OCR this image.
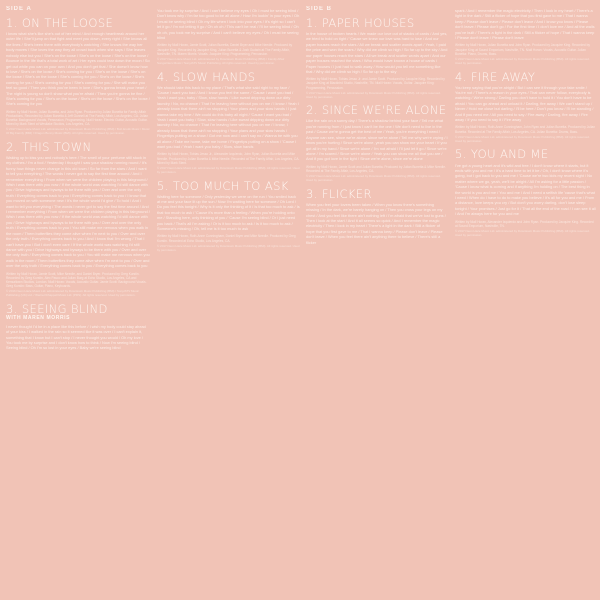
SIDE A
1. ON THE LOOSE
I know what she's like she's out of her mind / And enough heartbreak around her outer life / She'll jump on that fight and meet you down, every right / She knows all the lines / She's been there with everybody's watching / She knows the way her body moves / She loves the way they all crowd back when she says / She leaves nobody else but you / She's on the loose / She's on the loose / She's on the loose / Bounce in the life that's a total work of art / Her eyes could tear down the moon / So get out while you can on your own / And you don't get that / She doesn't know how to love / She's on the loose / She's coming for you / She's on the loose / She's on the loose / She's on the loose / She's coming for you / She's on the loose / She's coming for you / She's coming for you / She's coming for you / She will make you feel so good / Then you think you've been in love / She's gonna break your heart / The night is young so don't show what you're afraid / Then you're gonna be fine / She's coming for you / She's on the loose / She's on the loose / She's on the loose / She's coming for you
Written by Niall Horan, Julian Bunetta, and John Ryan. Produced by Julian Bunetta for Family Affair Productions, Recorded by Julian Bunetta & Jeff Gunnell at The Family Affair, Los Angeles, CA. Julian Bunetta: Background Vocals, Percussion, Programming. Niall Horan: Electric Guitar, Acoustic Guitar. Mixed by Mark Stent at Westlake Studios, Los Angeles, CA.
© 2017 Neon Haze Music Ltd. administered by Downtown Music Publishing (BMI) / Bob Erotik Music / Music Of Big Family (BMI) / Dragon Bunny Music (BMI). All rights reserved. Used by permission.
2. THIS TOWN
Waking up to kiss you and nobody's here / The smell of your perfume still stuck in my clothes / I'm a fool / Yesterday I thought I saw your shadow running round / It's funny how things never change in this old town / So far from the stars / And I want to tell you everything / The words I never got to say the first time around / And I remember everything / From when we were the children playing in this fairground / Wish I was there with you now / If the whole world was watching I'd still dance with you / Drive highways and byways to be there with you / Over and over the only truth / Everything comes back to you / Everything comes back to you / I know that you moved on with someone new / It's the whole world I'd give / To hold / And I want to tell you everything / The words I never got to say the first time around / And I remember everything / From when we were the children playing in this fairground / Wish I was there with you now / If the whole world was watching I'd still dance with you / Drive highways and byways to be there with you / Over and over the only truth / Everything comes back to you / You still make me nervous when you walk in the room / Them butterflies they come alive when I'm next to you / Over and over the only truth / Everything comes back to you / And I know that I'm wrong / That I can't have you / But I don't even care / If the whole world was watching I'd still dance with you / Drive highways and byways to be there with you / Over and over the only truth / Everything comes back to you / You still make me nervous when you walk in the room / Them butterflies they come alive when I'm next to you / Over and over the only truth / Everything comes back to you / Everything comes back to you
Written by Niall Horan, Jamie Scott, Mike Needle, and Daniel Bryer. Produced by Greg Kurstin. Recorded by Greg Kurstin, Alex Pasco and Julian Burg at Echo Studio, Los Angeles, CA and Kensaltown Studios, London. Niall Horan: Vocals, Acoustic Guitar. Jamie Scott: Background Vocals. Greg Kurstin: Bass, Guitar, Piano, Keyboards.
© 2016 Neon Haze Music Ltd. administered by Downtown Music Publishing (BMI) / Sony/ATV Music Publishing (UK) Ltd. / Warner/Chappell Music Ltd. (PRS). All rights reserved. Used by permission.
3. SEEING BLIND
WITH MAREN MORRIS
I never thought I'd be in a place like this before / I wish my body could stay ahead of your kiss / I walked in the rain so it seemed like it was over / I can't explain it, something that I know but I can't stop / I never thought you would / Oh my love / You took me by surprise and I don't know how to think / Now I'm seeing blind / Seeing blind / Oh I'm so lost in your eyes / Baby we're seeing blind
You took me by surprise / And I can't believe my eyes / Oh I must be seeing blind / Don't know why / I'm far too good to be all alone / How I'm lookin' in your eyes / Oh I must be seeing blind / Oh my life when I look into your eyes / It's right so I can't let it go / I'm not letting it go / Oh oh oh / This can't be real / I'll be seeing blind / Oh oh oh, you took me by surprise / And I can't believe my eyes / Oh I must be seeing blind
Written by Niall Horan, Jamie Scott, Julian Bunetta, Daniel Bryer and Mike Needle. Produced by Jacquire King. Recorded by Jacquire King, Julian Bunetta & Josh Gudwin at The Family Affair, Nashville, TN. Maren Morris: Vocals. Jacquire King: Programming, Percussion.
© 2017 Neon Haze Music Ltd. administered by Downtown Music Publishing (BMI) / Family Affair Songwriters Music / Sony/ATV Music Publishing. All rights reserved. Used by permission.
4. SLOW HANDS
We should take this back to my place / That's what she said right to my face / 'Cause I want you bad / And I know you feel the same / 'Cause I want you bad / Yeah I want you, baby / Slow, slow hands / Like sweat dripping down our dirty laundry / No, no chance / That I'm leaving here without you on me / I know / Yeah I already know that there ain't no stopping / Your plans and your slow hands / I just wanna take my time / We could do this baby all night / 'Cause I want you bad / Yeah I want you baby / Slow, slow hands / Like sweat dripping down our dirty laundry / No, no chance / That I'm leaving here without you on me / I know, I already know that there ain't no stopping / Your plans and your slow hands / Fingertips putting on a show / Got me now and I can't say no / Wanna be with you all alone / Take me home, take me home / Fingertips putting on a show / 'Cause I want you bad / Yeah I want you baby / Slow, slow hands
Written by Niall Horan, Tobias Jesso Jr., Alexander Izquierdo, John Ryan, Julian Bunetta and Mike Needle. Produced by Julian Bunetta & Mike Needle. Recorded at The Family Affair, Los Angeles, CA. Mixed by Mark Stent.
© 2017 Neon Haze Music Ltd. administered by Downtown Music Publishing (BMI). All rights reserved. Used by permission.
5. TOO MUCH TO ASK
Waiting here for someone / Only yesterday we were on the run / You smiled back at me and your face lit up the sun / Now I'm waiting here for someone / Oh Lord / Do you feel this tonight / Why is it only the thinking of it / Is that too much to ask / Is that too much to ask / 'Cause it's more than a feeling / When you're holding onto me / Standing here, only thinking of you / 'Cause I'm seeing blind / Or I just need you back / That's all I'm asking / Or is it too much to ask / Is it too much to ask / Someone's missing / Oh, tell me is it too much to ask
Written by Niall Horan, Ruth-Anne Cunningham, Daniel Bryer and Mike Needle. Produced by Greg Kurstin. Recorded at Echo Studio, Los Angeles, CA.
© 2017 Neon Haze Music Ltd. administered by Downtown Music Publishing (BMI). All rights reserved. Used by permission.
SIDE B
1. PAPER HOUSES
In the house of broken hearts / We made our love out of stacks of cards / And yes, we tried to hold on tight / 'Cause we knew our love was hard to lose / And our paper houses reach the stars / All we break and scatter words apart / Yeah, I paid the price and won the scars / Why did we climb so high / So far up to the sky / And our paper houses reach the stars / All we break and scatter words apart / And our paper houses reached the stars / Who would have known a house of cards / Paper houses / I just had to walk away / How would you tell me something like that / Why did we climb so high / So far up to the sky
Written by Niall Horan, Tobias Jesso Jr. and Jamie Scott. Produced by Jacquire King. Recorded by Jacquire King at Blackbird Studio, Nashville, TN. Niall Horan: Vocals, Guitar. Jacquire King: Programming, Percussion.
© 2017 Neon Haze Music Ltd. administered by Downtown Music Publishing (BMI). All rights reserved. Used by permission.
2. SINCE WE'RE ALONE
Like the rain on a sunny day / There's a shadow behind your face / Tell me what you're running from / I just know I can't be the one / We don't need to live in the past / Cause we're gonna get the best of me / Yeah, you're everything I need / Anyone can see, since we're alone, since we're alone / Tell me why we're crying / I know you're hurting / Since we're alone, yeah you can show me your heart / If you got all in my hand / Since we're alone / I'm not afraid / I'll just let it go / Since we're alone / I'm scared / Since we're alone / Yeah you can show me all that you are / And if you got love in the light / Since we're alone, since we're alone
Written by Niall Horan, Jamie Scott and Julian Bunetta. Produced by Julian Bunetta & Mike Needle. Recorded at The Family Affair, Los Angeles, CA.
© 2017 Neon Haze Music Ltd. administered by Downtown Music Publishing (BMI). All rights reserved. Used by permission.
3. FLICKER
When you feel your lovers been taken / When you know there's something missing / In the dark, we're barely hanging on / Then you cross your legs on my chest / And you feel like there ain't nothing left / I'm afraid that we've lost to guns / Then I look at the start / And it all seems so quick / And I remember the magic electricity / Then I look in my heart / There's a light in the dark / Still a flicker of hope that you first gave to me / That I wanna keep / Please don't leave / Please don't leave / When you feel there ain't anything there to believe / There's still a flicker
spark / And I remember the magic electricity / Then I look in my heart / There's a light in the dark / Still a flicker of hope that you first gave to me / That I wanna keep / Please don't leave / Please don't leave / And I know you know / Please don't leave / Please don't go / For the first time / I don't love me / And all the walls you've built / There's a light in the dark / Still a flicker of hope / That I wanna keep / Please don't leave / Please don't leave
Written by Niall Horan, Julian Bunetta and John Ryan. Produced by Jacquire King. Recorded by Jacquire King at Sound Emporium, Nashville, TN. Niall Horan: Vocals, Acoustic Guitar. Julian Bunetta: Piano, Drums, Bass.
© 2017 Neon Haze Music Ltd. administered by Downtown Music Publishing (BMI). All rights reserved. Used by permission.
4. FIRE AWAY
You keep saying that you're alright / But I can see it through your fake smile / You're not / There's a reason in your eyes / That can never follow, everybody is watching / We're strong / Darling you don't have to hold it / You don't have to be afraid / You can go ahead and unload it / Darling, fire away / We can't stand up / Never / Hold me close but darling / I'll be here / Don't you know / I'll be standing / And if you need me / All you need to say / Fire away / Darling, fire away / Fire away / If you need to say it / Fire away
Written by Niall Horan, Ruth-Anne Cunningham, John Ryan and Julian Bunetta. Produced by Julian Bunetta. Recorded at The Family Affair, Los Angeles, CA. Julian Bunetta: Drums, Bass.
© 2017 Neon Haze Music Ltd. administered by Downtown Music Publishing (BMI). All rights reserved. Used by permission.
5. YOU AND ME
I've got a young heart and it's wild and free / I don't know where it starts, but it ends with you and me / It's a hard time to let it be / Oh, I don't know where it's going, but I got back to you and me / 'Cause we're two kids my recent sight / No matter where we go, yeah, we'll be alright / All I'm asking for a little passion / 'Cause I know what is coming and if anything I'm holding on / The best thing in the world is you and me / You and me / And I need a selfish life 'cause that's what I need / When do I have to do to make you believe / It's all for you and me / From a distance, love keeps you cry / But don't you worry darling, don't lose sleep tonight / Your promises / Just go for it / That all the end of the road / I can see it all / And I'm always here for you and me
Written by Niall Horan, Alexander Izquierdo and John Ryan. Produced by Jacquire King. Recorded at Sound Emporium, Nashville, TN.
© 2017 Neon Haze Music Ltd. administered by Downtown Music Publishing (BMI). All rights reserved. Used by permission.
